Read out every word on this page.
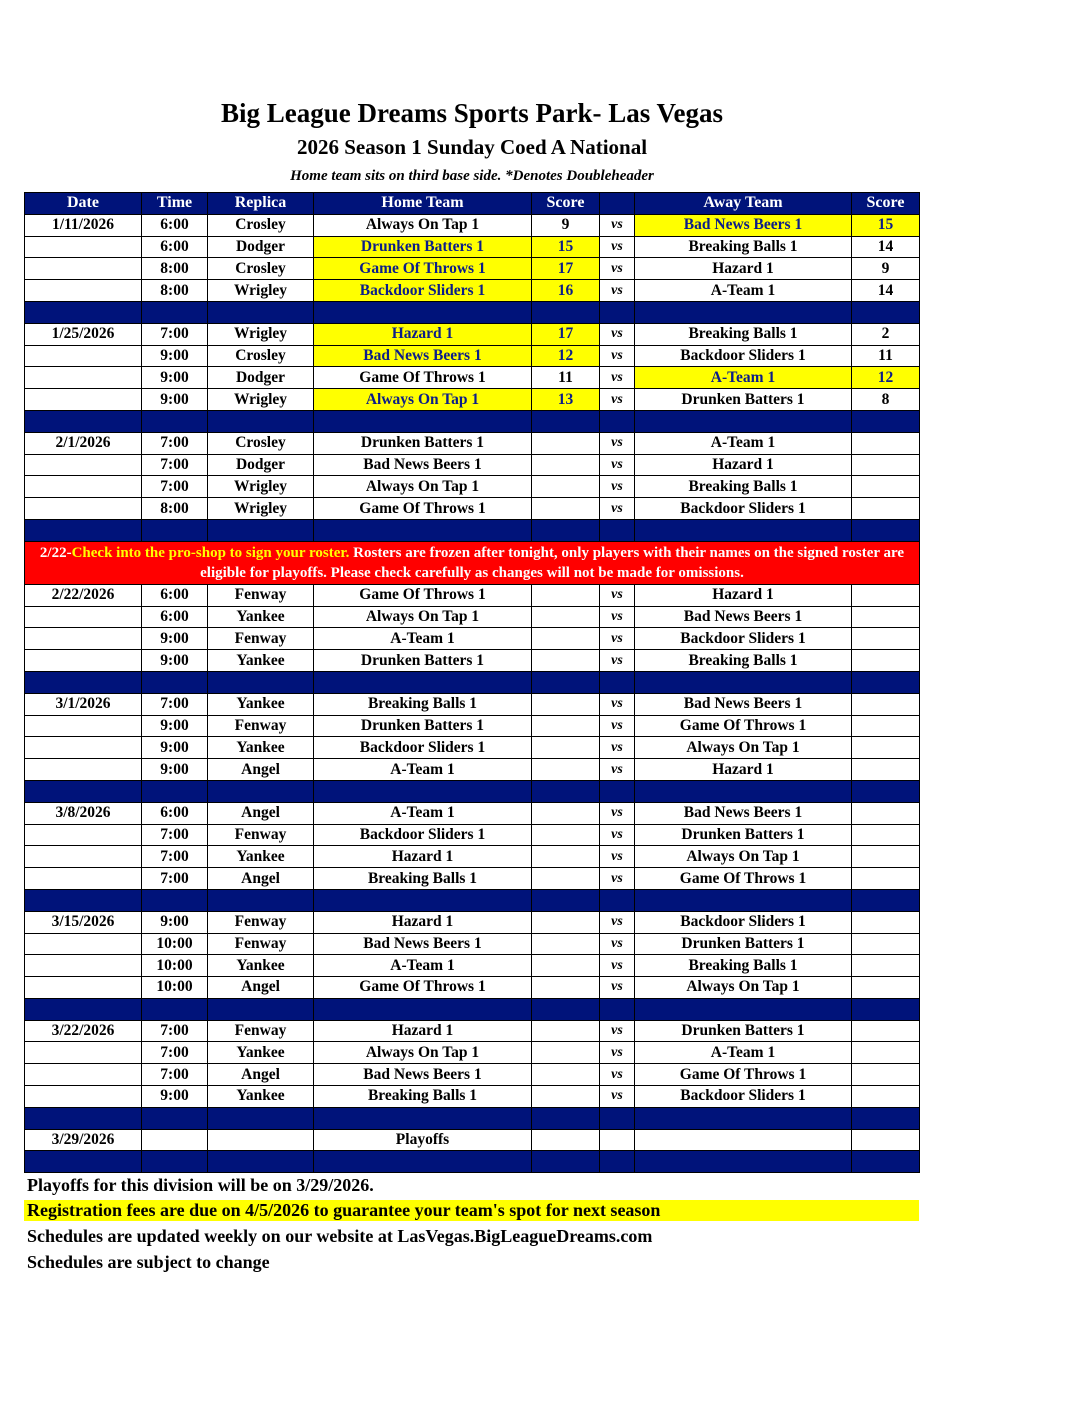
Big League Dreams Sports Park- Las Vegas
2026 Season 1 Sunday Coed A National
Home team sits on third base side. *Denotes Doubleheader
Date	Time	Replica	Home Team	Score		Away Team	Score
1/11/2026	6:00	Crosley	Always On Tap 1	9	vs	Bad News Beers 1	15
	6:00	Dodger	Drunken Batters 1	15	vs	Breaking Balls 1	14
	8:00	Crosley	Game Of Throws 1	17	vs	Hazard 1	9
	8:00	Wrigley	Backdoor Sliders 1	16	vs	A-Team 1	14

1/25/2026	7:00	Wrigley	Hazard 1	17	vs	Breaking Balls 1	2
	9:00	Crosley	Bad News Beers 1	12	vs	Backdoor Sliders 1	11
	9:00	Dodger	Game Of Throws 1	11	vs	A-Team 1	12
	9:00	Wrigley	Always On Tap 1	13	vs	Drunken Batters 1	8

2/1/2026	7:00	Crosley	Drunken Batters 1		vs	A-Team 1	
	7:00	Dodger	Bad News Beers 1		vs	Hazard 1	
	7:00	Wrigley	Always On Tap 1		vs	Breaking Balls 1	
	8:00	Wrigley	Game Of Throws 1		vs	Backdoor Sliders 1	

2/22-Check into the pro-shop to sign your roster. Rosters are frozen after tonight, only players with their names on the signed roster are eligible for playoffs. Please check carefully as changes will not be made for omissions.							
2/22/2026	6:00	Fenway	Game Of Throws 1		vs	Hazard 1	
	6:00	Yankee	Always On Tap 1		vs	Bad News Beers 1	
	9:00	Fenway	A-Team 1		vs	Backdoor Sliders 1	
	9:00	Yankee	Drunken Batters 1		vs	Breaking Balls 1	

3/1/2026	7:00	Yankee	Breaking Balls 1		vs	Bad News Beers 1	
	9:00	Fenway	Drunken Batters 1		vs	Game Of Throws 1	
	9:00	Yankee	Backdoor Sliders 1		vs	Always On Tap 1	
	9:00	Angel	A-Team 1		vs	Hazard 1	

3/8/2026	6:00	Angel	A-Team 1		vs	Bad News Beers 1	
	7:00	Fenway	Backdoor Sliders 1		vs	Drunken Batters 1	
	7:00	Yankee	Hazard 1		vs	Always On Tap 1	
	7:00	Angel	Breaking Balls 1		vs	Game Of Throws 1	

3/15/2026	9:00	Fenway	Hazard 1		vs	Backdoor Sliders 1	
	10:00	Fenway	Bad News Beers 1		vs	Drunken Batters 1	
	10:00	Yankee	A-Team 1		vs	Breaking Balls 1	
	10:00	Angel	Game Of Throws 1		vs	Always On Tap 1	

3/22/2026	7:00	Fenway	Hazard 1		vs	Drunken Batters 1	
	7:00	Yankee	Always On Tap 1		vs	A-Team 1	
	7:00	Angel	Bad News Beers 1		vs	Game Of Throws 1	
	9:00	Yankee	Breaking Balls 1		vs	Backdoor Sliders 1	

3/29/2026			Playoffs				

Playoffs for this division will be on 3/29/2026.
Registration fees are due on 4/5/2026 to guarantee your team's spot for next season
Schedules are updated weekly on our website at LasVegas.BigLeagueDreams.com
Schedules are subject to change
